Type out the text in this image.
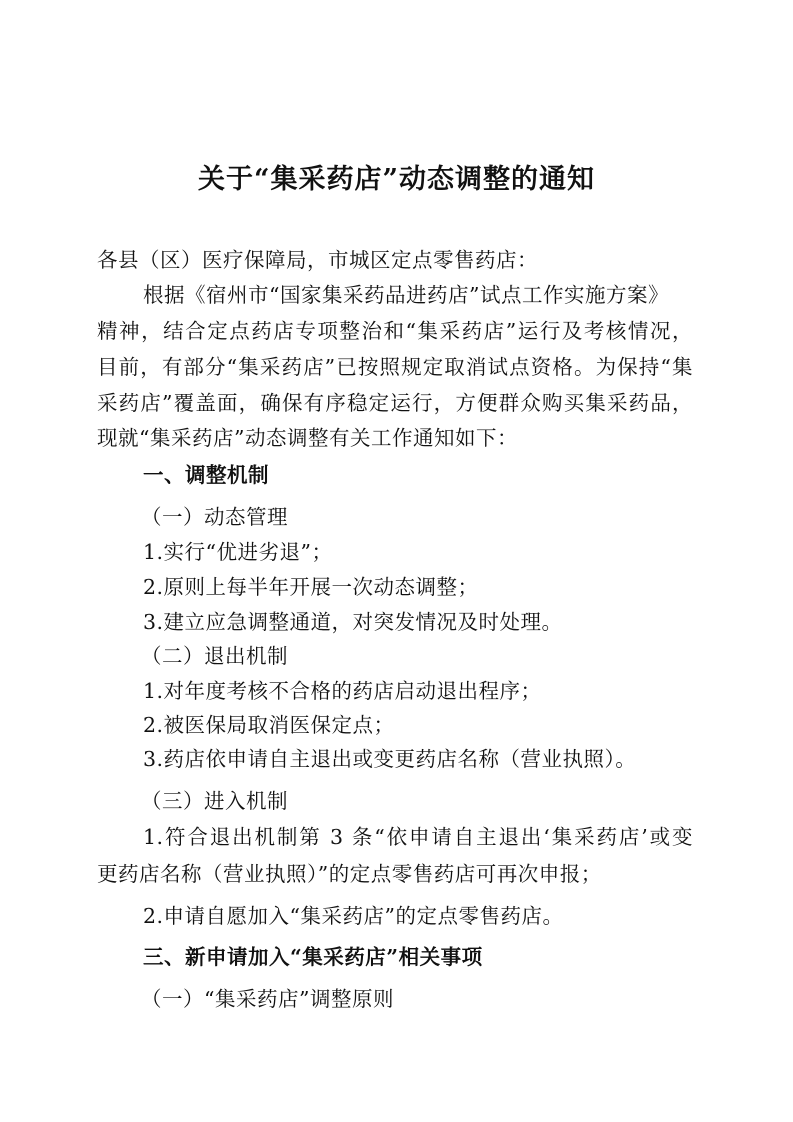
关于“集采药店”动态调整的通知
各县（区）医疗保障局，市城区定点零售药店：
根据《宿州市“国家集采药品进药店”试点工作实施方案》
精神，结合定点药店专项整治和“集采药店”运行及考核情况，
目前，有部分“集采药店”已按照规定取消试点资格。为保持“集
采药店”覆盖面，确保有序稳定运行，方便群众购买集采药品，
现就“集采药店”动态调整有关工作通知如下：
一、调整机制
（一）动态管理
1.实行“优进劣退”；
2.原则上每半年开展一次动态调整；
3.建立应急调整通道，对突发情况及时处理。
（二）退出机制
1.对年度考核不合格的药店启动退出程序；
2.被医保局取消医保定点；
3.药店依申请自主退出或变更药店名称（营业执照）。
（三）进入机制
1.符合退出机制第 3 条“依申请自主退出‘集采药店’或变
更药店名称（营业执照）”的定点零售药店可再次申报；
2.申请自愿加入“集采药店”的定点零售药店。
三、新申请加入“集采药店”相关事项
（一）“集采药店”调整原则
